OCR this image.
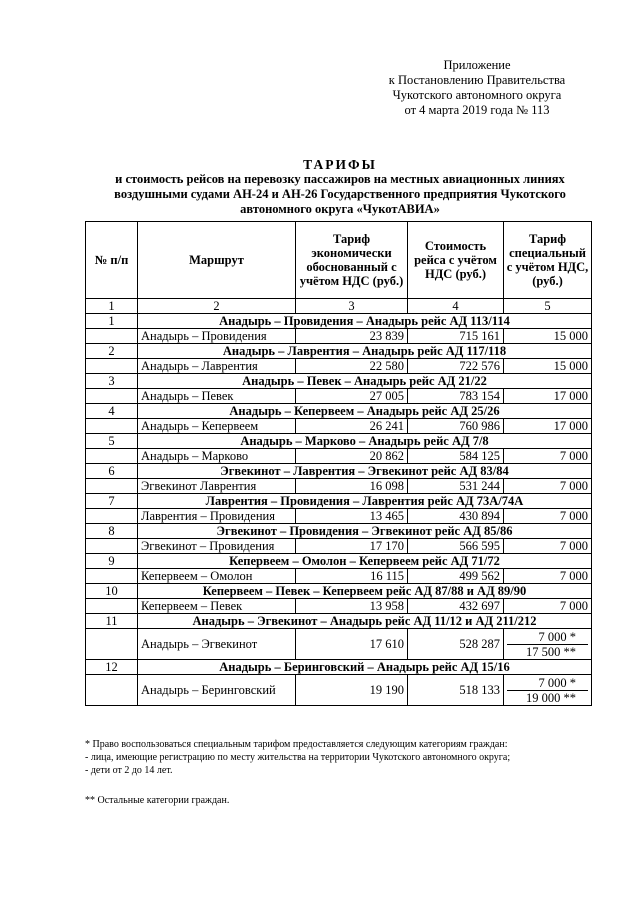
Приложение
к Постановлению Правительства
Чукотского автономного округа
от 4 марта 2019 года № 113
ТАРИФЫ
и стоимость рейсов на перевозку пассажиров на местных авиационных линиях
воздушными судами АН-24 и АН-26 Государственного предприятия Чукотского
автономного округа «ЧукотАВИА»
№ п/п	Маршрут	Тариф экономически обоснованный с учётом НДС (руб.)	Стоимость рейса с учётом НДС (руб.)	Тариф специальный с учётом НДС, (руб.)
1	2	3	4	5
1	Анадырь – Провидения – Анадырь рейс АД 113/114			
	Анадырь – Провидения	23 839	715 161	15 000
2	Анадырь – Лаврентия – Анадырь рейс АД 117/118			
	Анадырь – Лаврентия	22 580	722 576	15 000
3	Анадырь – Певек – Анадырь рейс АД 21/22			
	Анадырь – Певек	27 005	783 154	17 000
4	Анадырь – Кепервеем – Анадырь рейс АД 25/26			
	Анадырь – Кепервеем	26 241	760 986	17 000
5	Анадырь – Марково – Анадырь рейс АД 7/8			
	Анадырь – Марково	20 862	584 125	7 000
6	Эгвекинот – Лаврентия – Эгвекинот рейс АД 83/84			
	Эгвекинот Лаврентия	16 098	531 244	7 000
7	Лаврентия – Провидения – Лаврентия рейс АД 73А/74А			
	Лаврентия – Провидения	13 465	430 894	7 000
8	Эгвекинот – Провидения – Эгвекинот рейс АД 85/86			
	Эгвекинот – Провидения	17 170	566 595	7 000
9	Кепервеем – Омолон – Кепервеем рейс АД 71/72			
	Кепервеем – Омолон	16 115	499 562	7 000
10	Кепервеем – Певек – Кепервеем рейс АД 87/88 и АД 89/90			
	Кепервеем – Певек	13 958	432 697	7 000
11	Анадырь – Эгвекинот – Анадырь рейс АД 11/12 и АД 211/212			
	Анадырь – Эгвекинот	17 610	528 287	7 000 *
17 500 **

12	Анадырь – Беринговский – Анадырь рейс АД 15/16			
	Анадырь – Беринговский	19 190	518 133	7 000 *
19 000 **
* Право воспользоваться специальным тарифом предоставляется следующим категориям граждан:
- лица, имеющие регистрацию по месту жительства на территории Чукотского автономного округа;
- дети от 2 до 14 лет.
** Остальные категории граждан.
